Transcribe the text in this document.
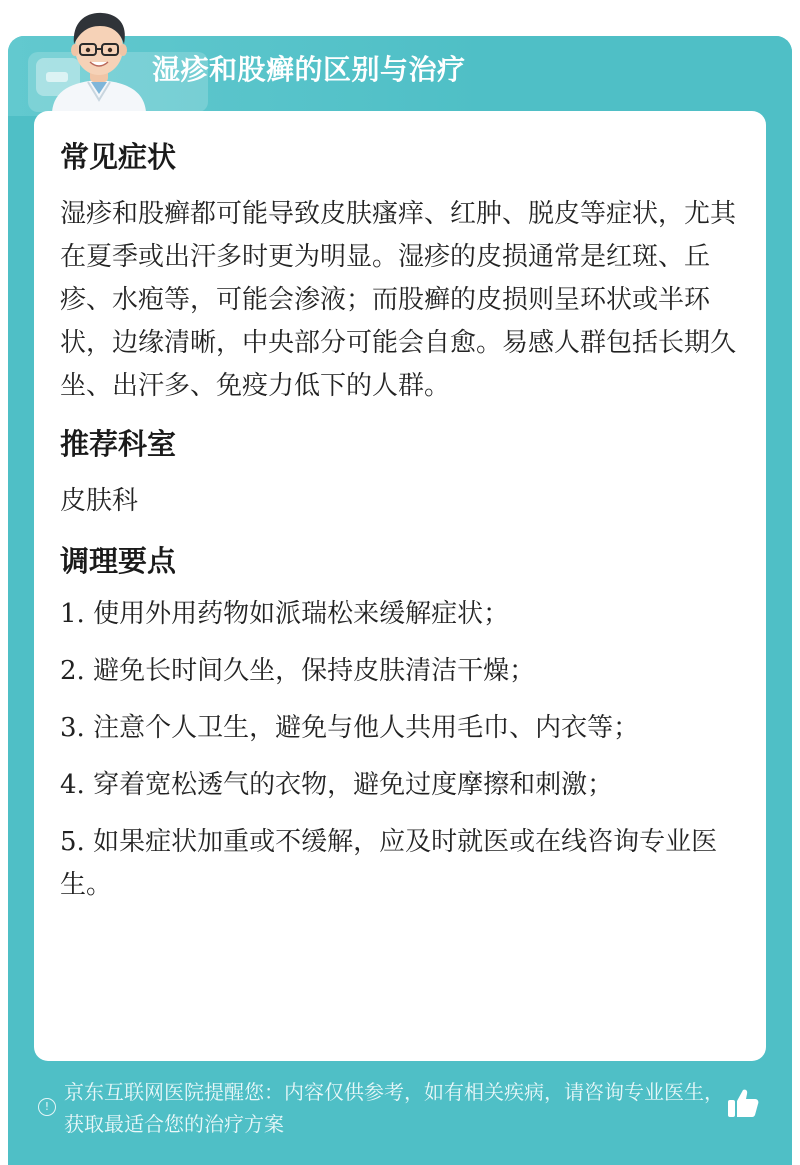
湿疹和股癣的区别与治疗
常见症状
湿疹和股癣都可能导致皮肤瘙痒、红肿、脱皮等症状，尤其在夏季或出汗多时更为明显。湿疹的皮损通常是红斑、丘疹、水疱等，可能会渗液；而股癣的皮损则呈环状或半环状，边缘清晰，中央部分可能会自愈。易感人群包括长期久坐、出汗多、免疫力低下的人群。
推荐科室
皮肤科
调理要点
1. 使用外用药物如派瑞松来缓解症状；
2. 避免长时间久坐，保持皮肤清洁干燥；
3. 注意个人卫生，避免与他人共用毛巾、内衣等；
4. 穿着宽松透气的衣物，避免过度摩擦和刺激；
5. 如果症状加重或不缓解，应及时就医或在线咨询专业医生。
!
京东互联网医院提醒您：内容仅供参考，如有相关疾病，请咨询专业医生，获取最适合您的治疗方案
